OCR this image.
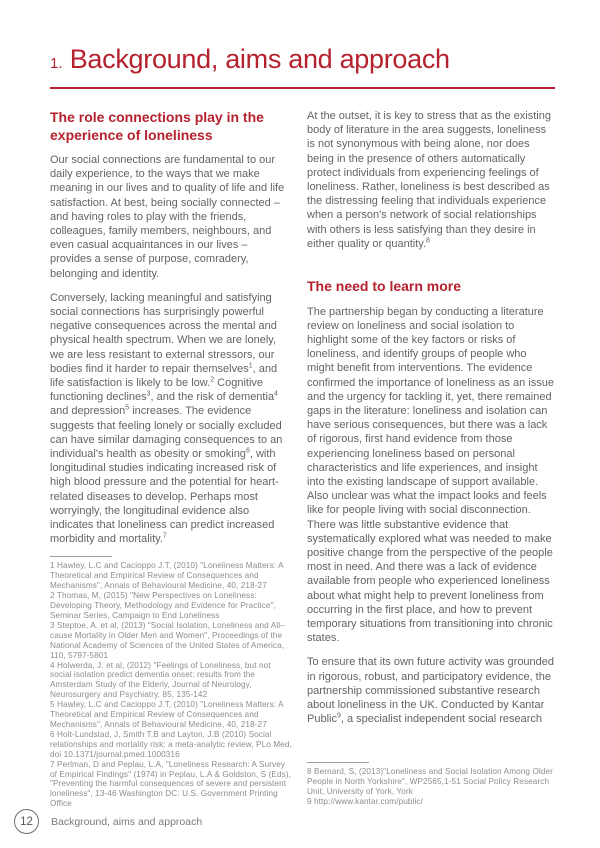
1. Background, aims and approach
The role connections play in the experience of loneliness

Our social connections are fundamental to our daily experience, to the ways that we make meaning in our lives and to quality of life and life satisfaction. At best, being socially connected – and having roles to play with the friends, colleagues, family members, neighbours, and even casual acquaintances in our lives – provides a sense of purpose, comradery, belonging and identity.

Conversely, lacking meaningful and satisfying social connections has surprisingly powerful negative consequences across the mental and physical health spectrum. When we are lonely, we are less resistant to external stressors, our bodies find it harder to repair themselves$^1$, and life satisfaction is likely to be low.$^2$ Cognitive functioning declines$^3$, and the risk of dementia$^4$ and depression$^5$ increases. The evidence suggests that feeling lonely or socially excluded can have similar damaging consequences to an individual's health as obesity or smoking$^6$, with longitudinal studies indicating increased risk of high blood pressure and the potential for heart-related diseases to develop. Perhaps most worryingly, the longitudinal evidence also indicates that loneliness can predict increased morbidity and mortality.$^7$

1 Hawley, L.C and Cacioppo J.T, (2010) "Loneliness Matters: A Theoretical and Empirical Review of Consequences and Mechanisms", Annals of Behavioural Medicine, 40, 218-27

2 Thomas, M, (2015) "New Perspectives on Loneliness: Developing Theory, Methodology and Evidence for Practice", Seminar Series, Campaign to End Loneliness

3 Steptoe, A. et al, (2013) "Social Isolation, Loneliness and All–cause Mortality in Older Men and Women", Proceedings of the National Academy of Sciences of the United States of America, 110, 5797-5801

4 Holwerda, J. et al, (2012) "Feelings of Loneliness, but not social isolation predict dementia onset: results from the Amsterdam Study of the Elderly, Journal of Neurology, Neurosurgery and Psychiatry, 85, 135-142

5 Hawley, L.C and Cacioppo J.T, (2010) "Loneliness Matters: A Theoretical and Empirical Review of Consequences and Mechanisms", Annals of Behavioural Medicine, 40, 218-27

6 Holt-Lundstad, J, Smith T.B and Layton, J.B (2010) Social relationships and mortality risk: a meta-analytic review, PLo Med, doi 10.1371/journal.pmed.1000316

7 Perlman, D and Peplau, L.A, "Loneliness Research: A Survey of Empirical Findings" (1974) in Peplau, L.A & Goldston, S (Eds), "Preventing the harmful consequences of severe and persistent loneliness", 13-46 Washington DC: U.S. Government Printing Office

At the outset, it is key to stress that as the existing body of literature in the area suggests, loneliness is not synonymous with being alone, nor does being in the presence of others automatically protect individuals from experiencing feelings of loneliness. Rather, loneliness is best described as the distressing feeling that individuals experience when a person's network of social relationships with others is less satisfying than they desire in either quality or quantity.$^8$

The need to learn more

The partnership began by conducting a literature review on loneliness and social isolation to highlight some of the key factors or risks of loneliness, and identify groups of people who might benefit from interventions. The evidence confirmed the importance of loneliness as an issue and the urgency for tackling it, yet, there remained gaps in the literature: loneliness and isolation can have serious consequences, but there was a lack of rigorous, first hand evidence from those experiencing loneliness based on personal characteristics and life experiences, and insight into the existing landscape of support available. Also unclear was what the impact looks and feels like for people living with social disconnection. There was little substantive evidence that systematically explored what was needed to make positive change from the perspective of the people most in need. And there was a lack of evidence available from people who experienced loneliness about what might help to prevent loneliness from occurring in the first place, and how to prevent temporary situations from transitioning into chronic states.

To ensure that its own future activity was grounded in rigorous, robust, and participatory evidence, the partnership commissioned substantive research about loneliness in the UK. Conducted by Kantar Public$^9$, a specialist independent social research

8 Bernard, S, (2013)"Loneliness and Social Isolation Among Older People in North Yorkshire", WP2565,1-51 Social Policy Research Unit, University of York, York

9 http://www.kantar.com/public/

12 Background, aims and approach
